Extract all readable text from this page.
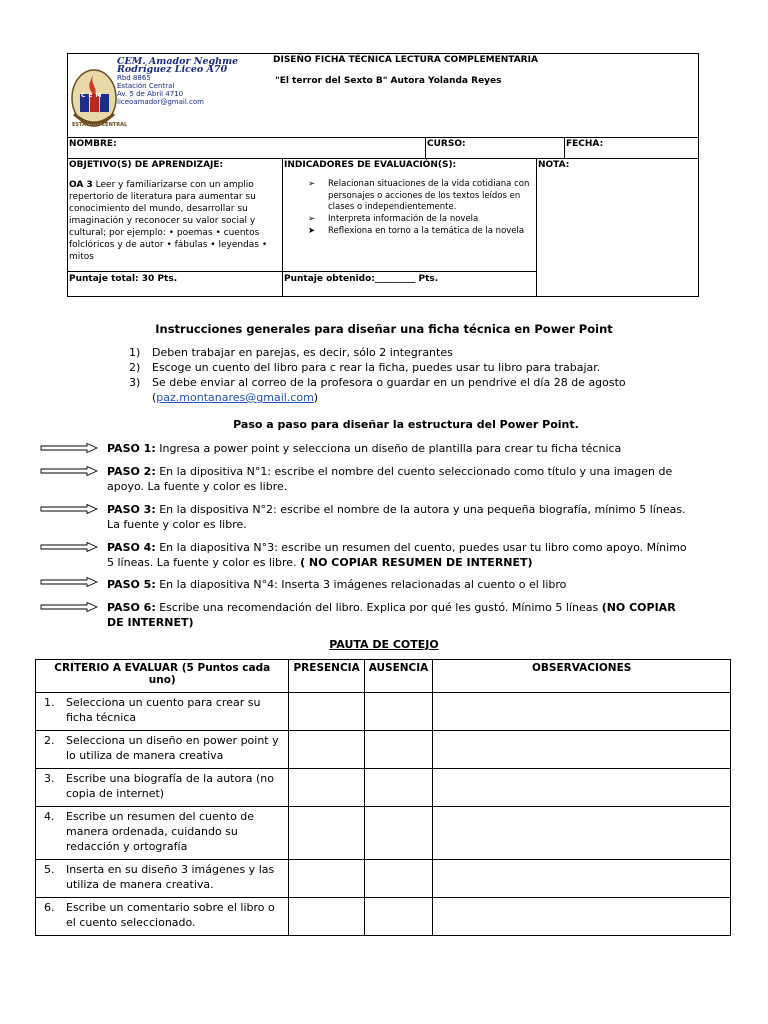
CEM. Amador Neghme Rodríguez Liceo A70
Rbd 8865
Estación Central
Av. 5 de Abril 4710
liceoamador@gmail.com
ESTACION CENTRAL
CEM
DISEÑO FICHA TÉCNICA LECTURA COMPLEMENTARIA
"El terror del Sexto B" Autora Yolanda Reyes
NOMBRE:	CURSO:	FECHA:
OBJETIVO(S) DE APRENDIZAJE:
OA 3 Leer y familiarizarse con un amplio repertorio de literatura para aumentar su conocimiento del mundo, desarrollar su imaginación y reconocer su valor social y cultural; por ejemplo: • poemas • cuentos folclóricos y de autor • fábulas • leyendas • mitos
INDICADORES DE EVALUACIÓN(S):
➢ Relacionan situaciones de la vida cotidiana con personajes o acciones de los textos leídos en clases o independientemente.
➢ Interpreta información de la novela
➤ Reflexiona en torno a la temática de la novela
NOTA:
Puntaje total: 30 Pts.	Puntaje obtenido:_________ Pts.
Instrucciones generales para diseñar una ficha técnica en Power Point
1) Deben trabajar en parejas, es decir, sólo 2 integrantes
2) Escoge un cuento del libro para c rear la ficha, puedes usar tu libro para trabajar.
3) Se debe enviar al correo de la profesora o guardar en un pendrive el día 28 de agosto
(paz.montanares@gmail.com)
Paso a paso para diseñar la estructura del Power Point.
PASO 1: Ingresa a power point y selecciona un diseño de plantilla para crear tu ficha técnica
PASO 2: En la dipositiva N°1: escribe el nombre del cuento seleccionado como título y una imagen de apoyo. La fuente y color es libre.
PASO 3: En la dispositiva N°2: escribe el nombre de la autora y una pequeña biografía, mínimo 5 líneas. La fuente y color es libre.
PASO 4: En la diapositiva N°3: escribe un resumen del cuento, puedes usar tu libro como apoyo. Mínimo 5 líneas. La fuente y color es libre. ( NO COPIAR RESUMEN DE INTERNET)
PASO 5: En la diapositiva N°4: Inserta 3 imágenes relacionadas al cuento o el libro
PASO 6: Escribe una recomendación del libro. Explica por qué les gustó. Mínimo 5 líneas (NO COPIAR DE INTERNET)
PAUTA DE COTEJO
CRITERIO A EVALUAR (5 Puntos cada uno)	PRESENCIA	AUSENCIA	OBSERVACIONES

1. Selecciona un cuento para crear su ficha técnica			

2. Selecciona un diseño en power point y lo utiliza de manera creativa			

3. Escribe una biografía de la autora (no copia de internet)			

4. Escribe un resumen del cuento de manera ordenada, cuidando su redacción y ortografía			

5. Inserta en su diseño 3 imágenes y las utiliza de manera creativa.			

6. Escribe un comentario sobre el libro o el cuento seleccionado.			
